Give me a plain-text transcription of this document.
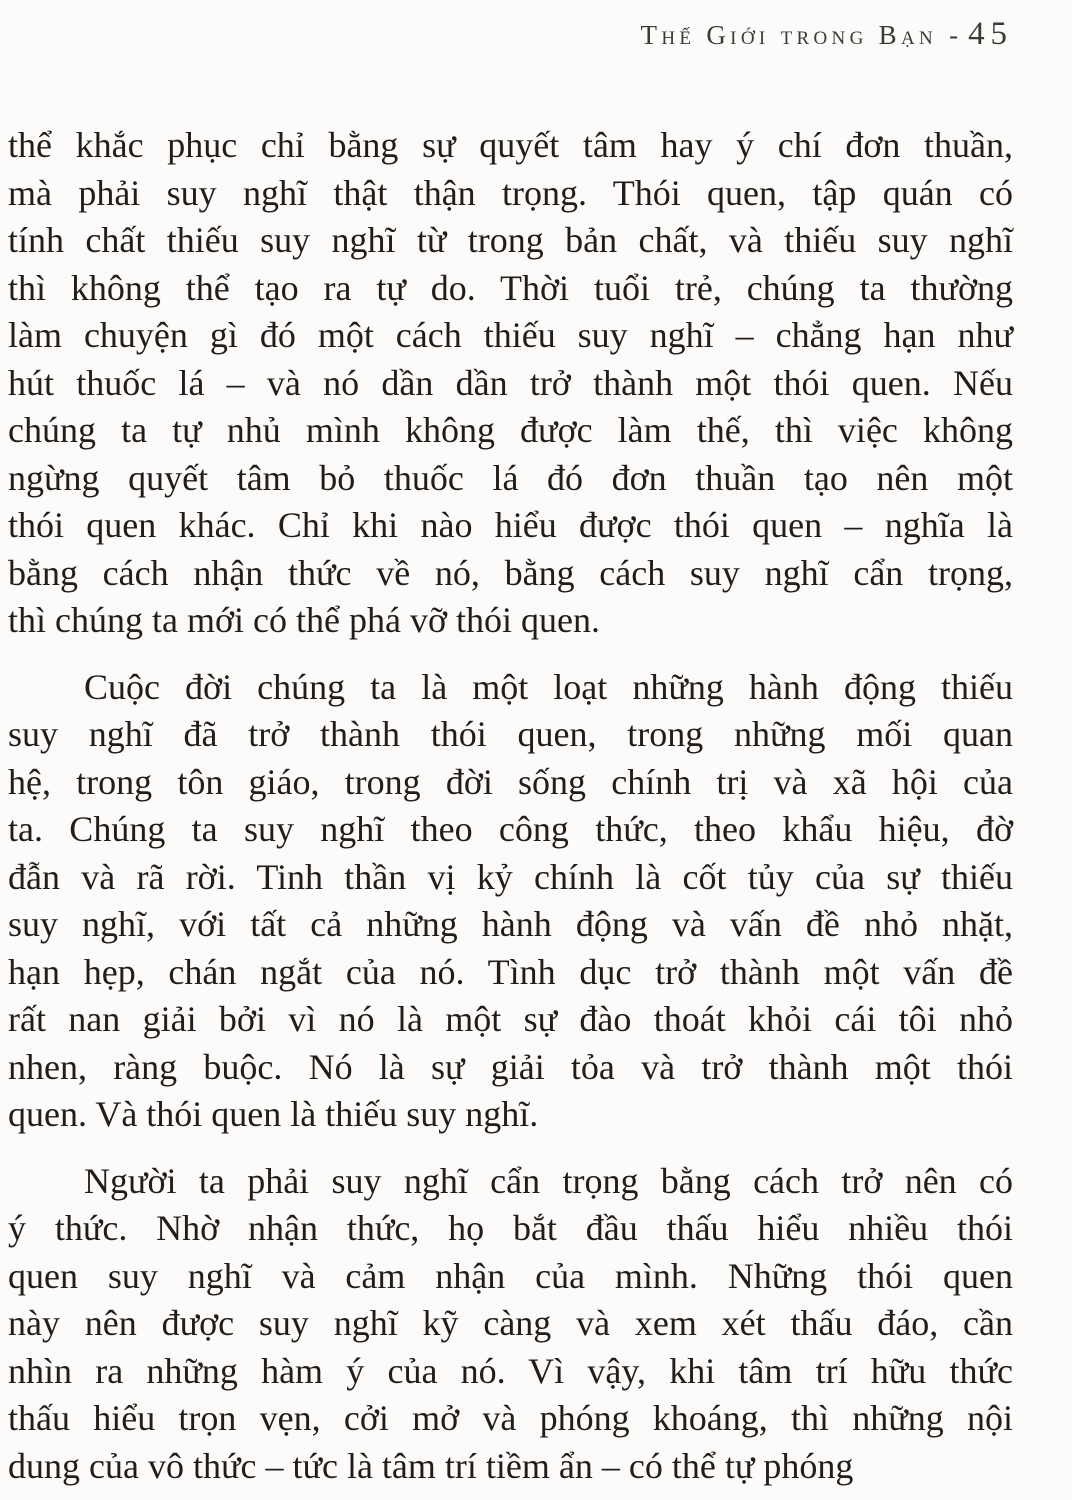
Thế Giới trong Bạn - 45

thể khắc phục chỉ bằng sự quyết tâm hay ý chí đơn thuần,
mà phải suy nghĩ thật thận trọng. Thói quen, tập quán có
tính chất thiếu suy nghĩ từ trong bản chất, và thiếu suy nghĩ
thì không thể tạo ra tự do. Thời tuổi trẻ, chúng ta thường
làm chuyện gì đó một cách thiếu suy nghĩ – chẳng hạn như
hút thuốc lá – và nó dần dần trở thành một thói quen. Nếu
chúng ta tự nhủ mình không được làm thế, thì việc không
ngừng quyết tâm bỏ thuốc lá đó đơn thuần tạo nên một
thói quen khác. Chỉ khi nào hiểu được thói quen – nghĩa là
bằng cách nhận thức về nó, bằng cách suy nghĩ cẩn trọng,
thì chúng ta mới có thể phá vỡ thói quen.

Cuộc đời chúng ta là một loạt những hành động thiếu
suy nghĩ đã trở thành thói quen, trong những mối quan
hệ, trong tôn giáo, trong đời sống chính trị và xã hội của
ta. Chúng ta suy nghĩ theo công thức, theo khẩu hiệu, đờ
đẫn và rã rời. Tinh thần vị kỷ chính là cốt tủy của sự thiếu
suy nghĩ, với tất cả những hành động và vấn đề nhỏ nhặt,
hạn hẹp, chán ngắt của nó. Tình dục trở thành một vấn đề
rất nan giải bởi vì nó là một sự đào thoát khỏi cái tôi nhỏ
nhen, ràng buộc. Nó là sự giải tỏa và trở thành một thói
quen. Và thói quen là thiếu suy nghĩ.

Người ta phải suy nghĩ cẩn trọng bằng cách trở nên có
ý thức. Nhờ nhận thức, họ bắt đầu thấu hiểu nhiều thói
quen suy nghĩ và cảm nhận của mình. Những thói quen
này nên được suy nghĩ kỹ càng và xem xét thấu đáo, cần
nhìn ra những hàm ý của nó. Vì vậy, khi tâm trí hữu thức
thấu hiểu trọn vẹn, cởi mở và phóng khoáng, thì những nội
dung của vô thức – tức là tâm trí tiềm ẩn – có thể tự phóng
